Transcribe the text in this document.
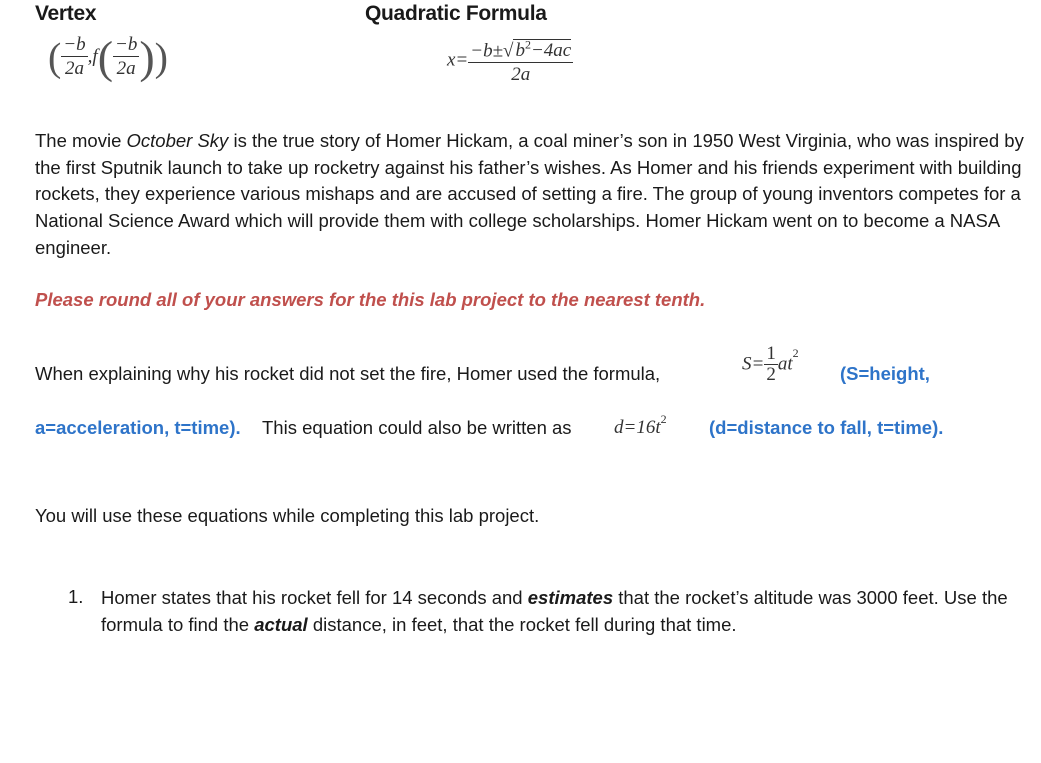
Vertex	Quadratic Formula
( $\frac{-b}{2a} ,f( \frac{-b}{2a}$ ))	$x= \frac{-b\pm√ b^2-4ac}{2a}$
The movie October Sky is the true story of Homer Hickam, a coal miner’s son in 1950 West Virginia, who was inspired by the first Sputnik launch to take up rocketry against his father’s wishes. As Homer and his friends experiment with building rockets, they experience various mishaps and are accused of setting a fire. The group of young inventors competes for a National Science Award which will provide them with college scholarships. Homer Hickam went on to become a NASA engineer.
Please round all of your answers for the this lab project to the nearest tenth.
When explaining why his rocket did not set the fire, Homer used the formula,	$S= \frac{1}{2} at^2$
(S=height,
a=acceleration, t=time). This equation could also be written as $d=16t^2$ (d=distance to fall, t=time).
You will use these equations while completing this lab project.
1. Homer states that his rocket fell for 14 seconds and estimates that the rocket’s altitude was 3000 feet. Use the formula to find the actual distance, in feet, that the rocket fell during that time.
